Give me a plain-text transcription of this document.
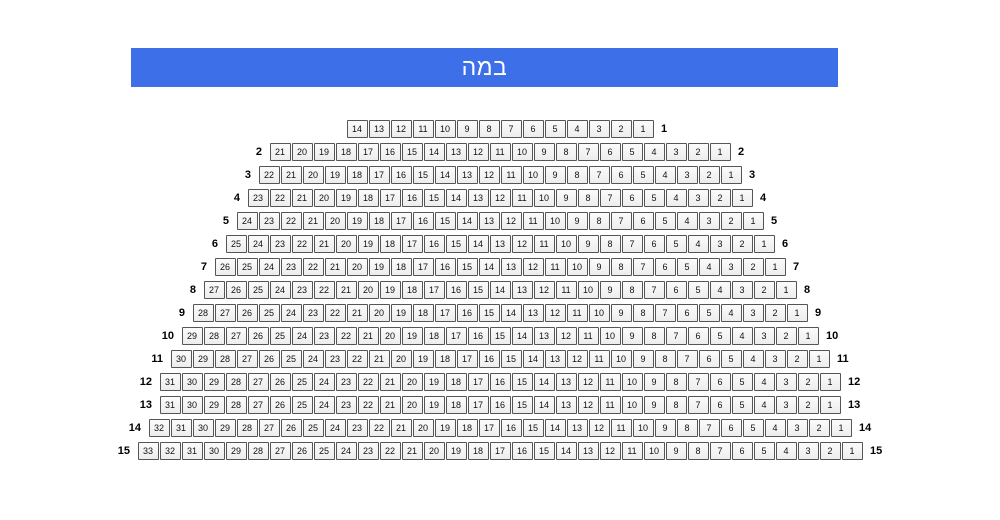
במה
14	13	12	11	10	9	8	7	6	5	4	3	2	1	1
2	21	20	19	18	17	16	15	14	13	12	11	10	9	8	7	6	5	4	3	2	1	2
3	22	21	20	19	18	17	16	15	14	13	12	11	10	9	8	7	6	5	4	3	2	1	3
4	23	22	21	20	19	18	17	16	15	14	13	12	11	10	9	8	7	6	5	4	3	2	1	4
5	24	23	22	21	20	19	18	17	16	15	14	13	12	11	10	9	8	7	6	5	4	3	2	1	5
6	25	24	23	22	21	20	19	18	17	16	15	14	13	12	11	10	9	8	7	6	5	4	3	2	1	6
7	26	25	24	23	22	21	20	19	18	17	16	15	14	13	12	11	10	9	8	7	6	5	4	3	2	1	7
8	27	26	25	24	23	22	21	20	19	18	17	16	15	14	13	12	11	10	9	8	7	6	5	4	3	2	1	8
9	28	27	26	25	24	23	22	21	20	19	18	17	16	15	14	13	12	11	10	9	8	7	6	5	4	3	2	1	9
10	29	28	27	26	25	24	23	22	21	20	19	18	17	16	15	14	13	12	11	10	9	8	7	6	5	4	3	2	1	10
11	30	29	28	27	26	25	24	23	22	21	20	19	18	17	16	15	14	13	12	11	10	9	8	7	6	5	4	3	2	1	11
12	31	30	29	28	27	26	25	24	23	22	21	20	19	18	17	16	15	14	13	12	11	10	9	8	7	6	5	4	3	2	1	12
13	31	30	29	28	27	26	25	24	23	22	21	20	19	18	17	16	15	14	13	12	11	10	9	8	7	6	5	4	3	2	1	13
14	32	31	30	29	28	27	26	25	24	23	22	21	20	19	18	17	16	15	14	13	12	11	10	9	8	7	6	5	4	3	2	1	14
15	33	32	31	30	29	28	27	26	25	24	23	22	21	20	19	18	17	16	15	14	13	12	11	10	9	8	7	6	5	4	3	2	1	15
